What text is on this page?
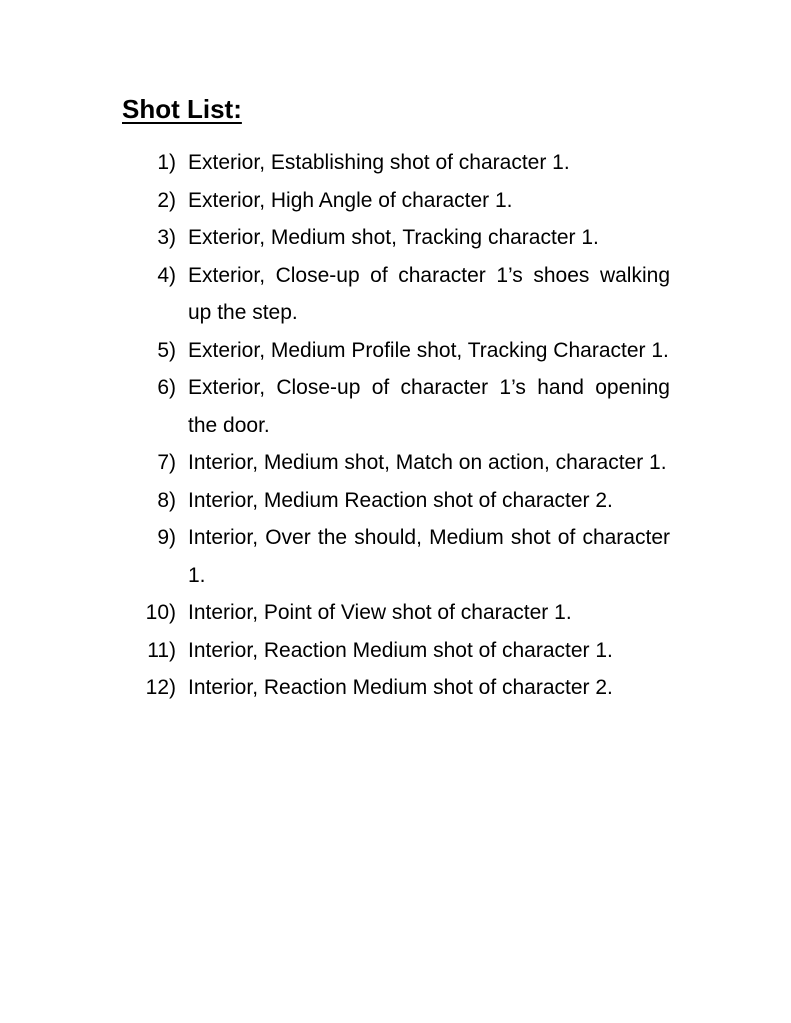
Shot List:
1) Exterior, Establishing shot of character 1.
2) Exterior, High Angle of character 1.
3) Exterior, Medium shot, Tracking character 1.
4) Exterior, Close-up of character 1’s shoes walking up the step.
5) Exterior, Medium Profile shot, Tracking Character 1.
6) Exterior, Close-up of character 1’s hand opening the door.
7) Interior, Medium shot, Match on action, character 1.
8) Interior, Medium Reaction shot of character 2.
9) Interior, Over the should, Medium shot of character 1.
10) Interior, Point of View shot of character 1.
11) Interior, Reaction Medium shot of character 1.
12) Interior, Reaction Medium shot of character 2.
